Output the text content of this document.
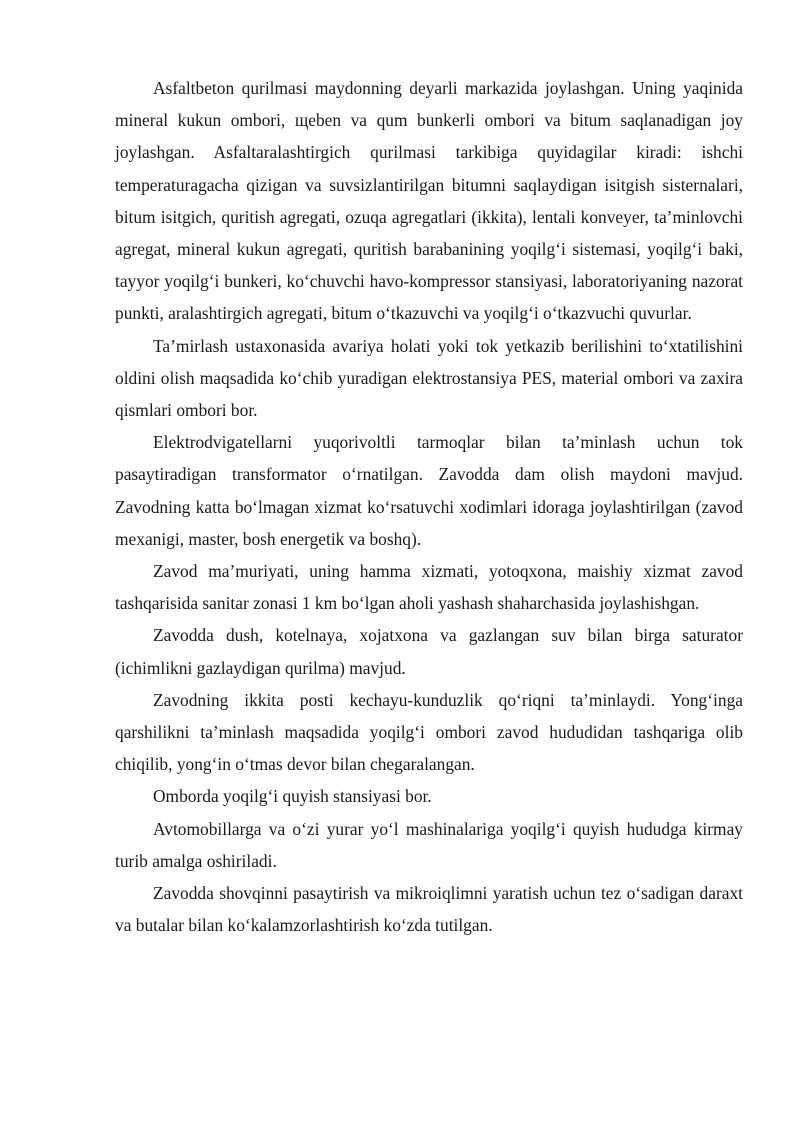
Asfaltbeton qurilmasi maydonning deyarli markazida joylashgan. Uning yaqinida mineral kukun ombori, щeben va qum bunkerli ombori va bitum saqlanadigan joy joylashgan. Asfaltaralashtirgich qurilmasi tarkibiga quyidagilar kiradi: ishchi temperaturagacha qizigan va suvsizlantirilgan bitumni saqlaydigan isitgish sisternalari, bitum isitgich, quritish agregati, ozuqa agregatlari (ikkita), lentali konveyer, ta’minlovchi agregat, mineral kukun agregati, quritish barabanining yoqilg‘i sistemasi, yoqilg‘i baki, tayyor yoqilg‘i bunkeri, ko‘chuvchi havo-kompressor stansiyasi, laboratoriyaning nazorat punkti, aralashtirgich agregati, bitum o‘tkazuvchi va yoqilg‘i o‘tkazvuchi quvurlar.

Ta’mirlash ustaxonasida avariya holati yoki tok yetkazib berilishini to‘xtatilishini oldini olish maqsadida ko‘chib yuradigan elektrostansiya PES, material ombori va zaxira qismlari ombori bor.

Elektrodvigatellarni yuqorivoltli tarmoqlar bilan ta’minlash uchun tok pasaytiradigan transformator o‘rnatilgan. Zavodda dam olish maydoni mavjud. Zavodning katta bo‘lmagan xizmat ko‘rsatuvchi xodimlari idoraga joylashtirilgan (zavod mexanigi, master, bosh energetik va boshq).

Zavod ma’muriyati, uning hamma xizmati, yotoqxona, maishiy xizmat zavod tashqarisida sanitar zonasi 1 km bo‘lgan aholi yashash shaharchasida joylashishgan.

Zavodda dush, kotelnaya, xojatxona va gazlangan suv bilan birga saturator (ichimlikni gazlaydigan qurilma) mavjud.

Zavodning ikkita posti kechayu-kunduzlik qo‘riqni ta’minlaydi. Yong‘inga qarshilikni ta’minlash maqsadida yoqilg‘i ombori zavod hududidan tashqariga olib chiqilib, yong‘in o‘tmas devor bilan chegaralangan.

Omborda yoqilg‘i quyish stansiyasi bor.

Avtomobillarga va o‘zi yurar yo‘l mashinalariga yoqilg‘i quyish hududga kirmay turib amalga oshiriladi.

Zavodda shovqinni pasaytirish va mikroiqlimni yaratish uchun tez o‘sadigan daraxt va butalar bilan ko‘kalamzorlashtirish ko‘zda tutilgan.
